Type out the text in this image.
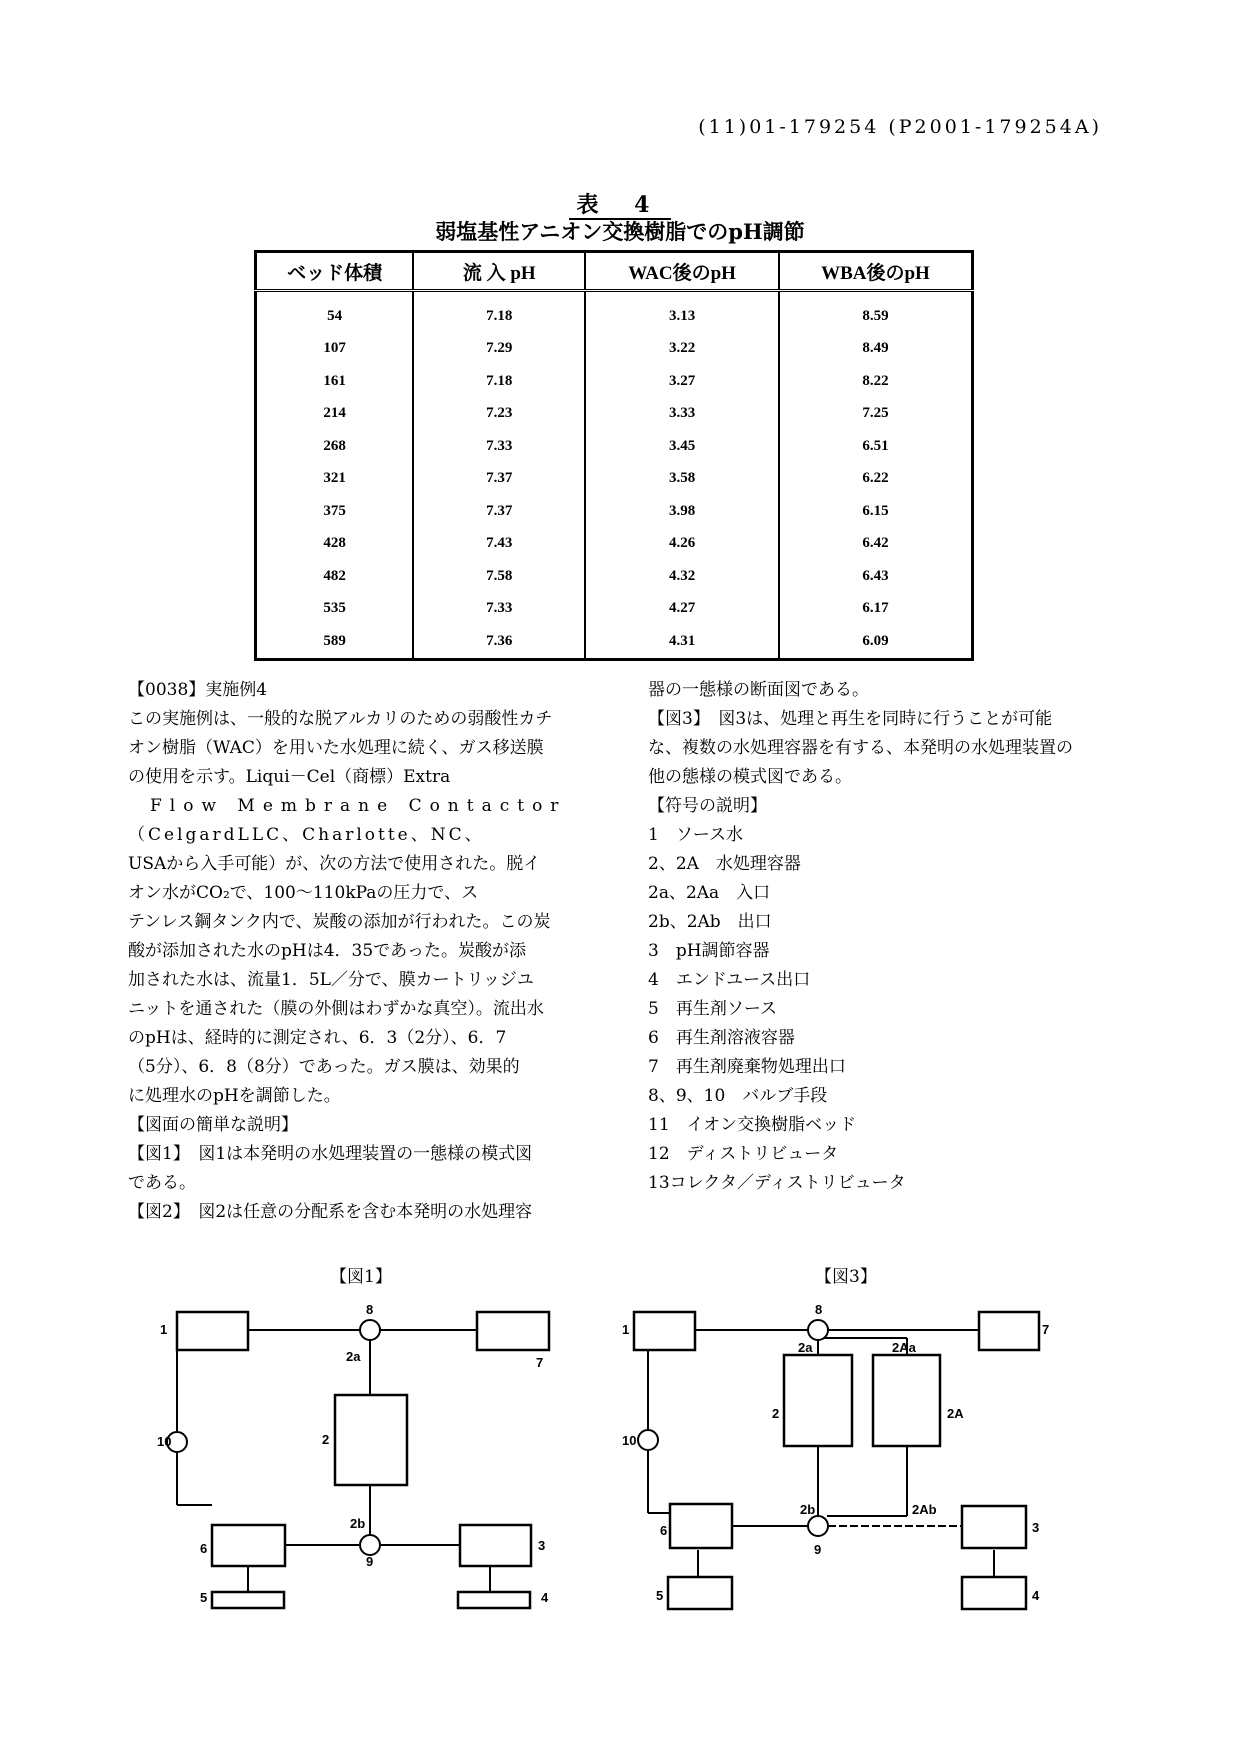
(11)01-179254 (P2001-179254A)
表 4
弱塩基性アニオン交換樹脂でのpH調節
ベッド体積	流 入 pH	WAC後のpH	WBA後のpH
54	7.18	3.13	8.59
107	7.29	3.22	8.49
161	7.18	3.27	8.22
214	7.23	3.33	7.25
268	7.33	3.45	6.51
321	7.37	3.58	6.22
375	7.37	3.98	6.15
428	7.43	4.26	6.42
482	7.58	4.32	6.43
535	7.33	4.27	6.17
589	7.36	4.31	6.09

【0038】実施例4

この実施例は、一般的な脱アルカリのための弱酸性カチ

オン樹脂（WAC）を用いた水処理に続く、ガス移送膜

の使用を示す。Liqui－Cel（商標）Extra

Flow Membrane Contactor

（CelgardLLC、Charlotte、NC、

USAから入手可能）が、次の方法で使用された。脱イ

オン水がCO₂で、100～110kPaの圧力で、ス

テンレス鋼タンク内で、炭酸の添加が行われた。この炭

酸が添加された水のpHは4．35であった。炭酸が添

加された水は、流量1．5L／分で、膜カートリッジユ

ニットを通された（膜の外側はわずかな真空）。流出水

のpHは、経時的に測定され、6．3（2分）、6．7

（5分）、6．8（8分）であった。ガス膜は、効果的

に処理水のpHを調節した。

【図面の簡単な説明】

【図1】　図1は本発明の水処理装置の一態様の模式図

である。

【図2】　図2は任意の分配系を含む本発明の水処理容

器の一態様の断面図である。

【図3】　図3は、処理と再生を同時に行うことが可能

な、複数の水処理容器を有する、本発明の水処理装置の

他の態様の模式図である。

【符号の説明】

1　ソース水

2、2A　水処理容器

2a、2Aa　入口

2b、2Ab　出口

3　pH調節容器

4　エンドユース出口

5　再生剤ソース

6　再生剤溶液容器

7　再生剤廃棄物処理出口

8、9、10　バルブ手段

11　イオン交換樹脂ベッド

12　ディストリビュータ

13コレクタ／ディストリビュータ

【図1】	【図3】
1
8
2a	7
2
10
2b
6
9
3
5	4
1
8
2a	2Aa
7
2	2A
10
2b	2Ab
6	3
9
5	4
